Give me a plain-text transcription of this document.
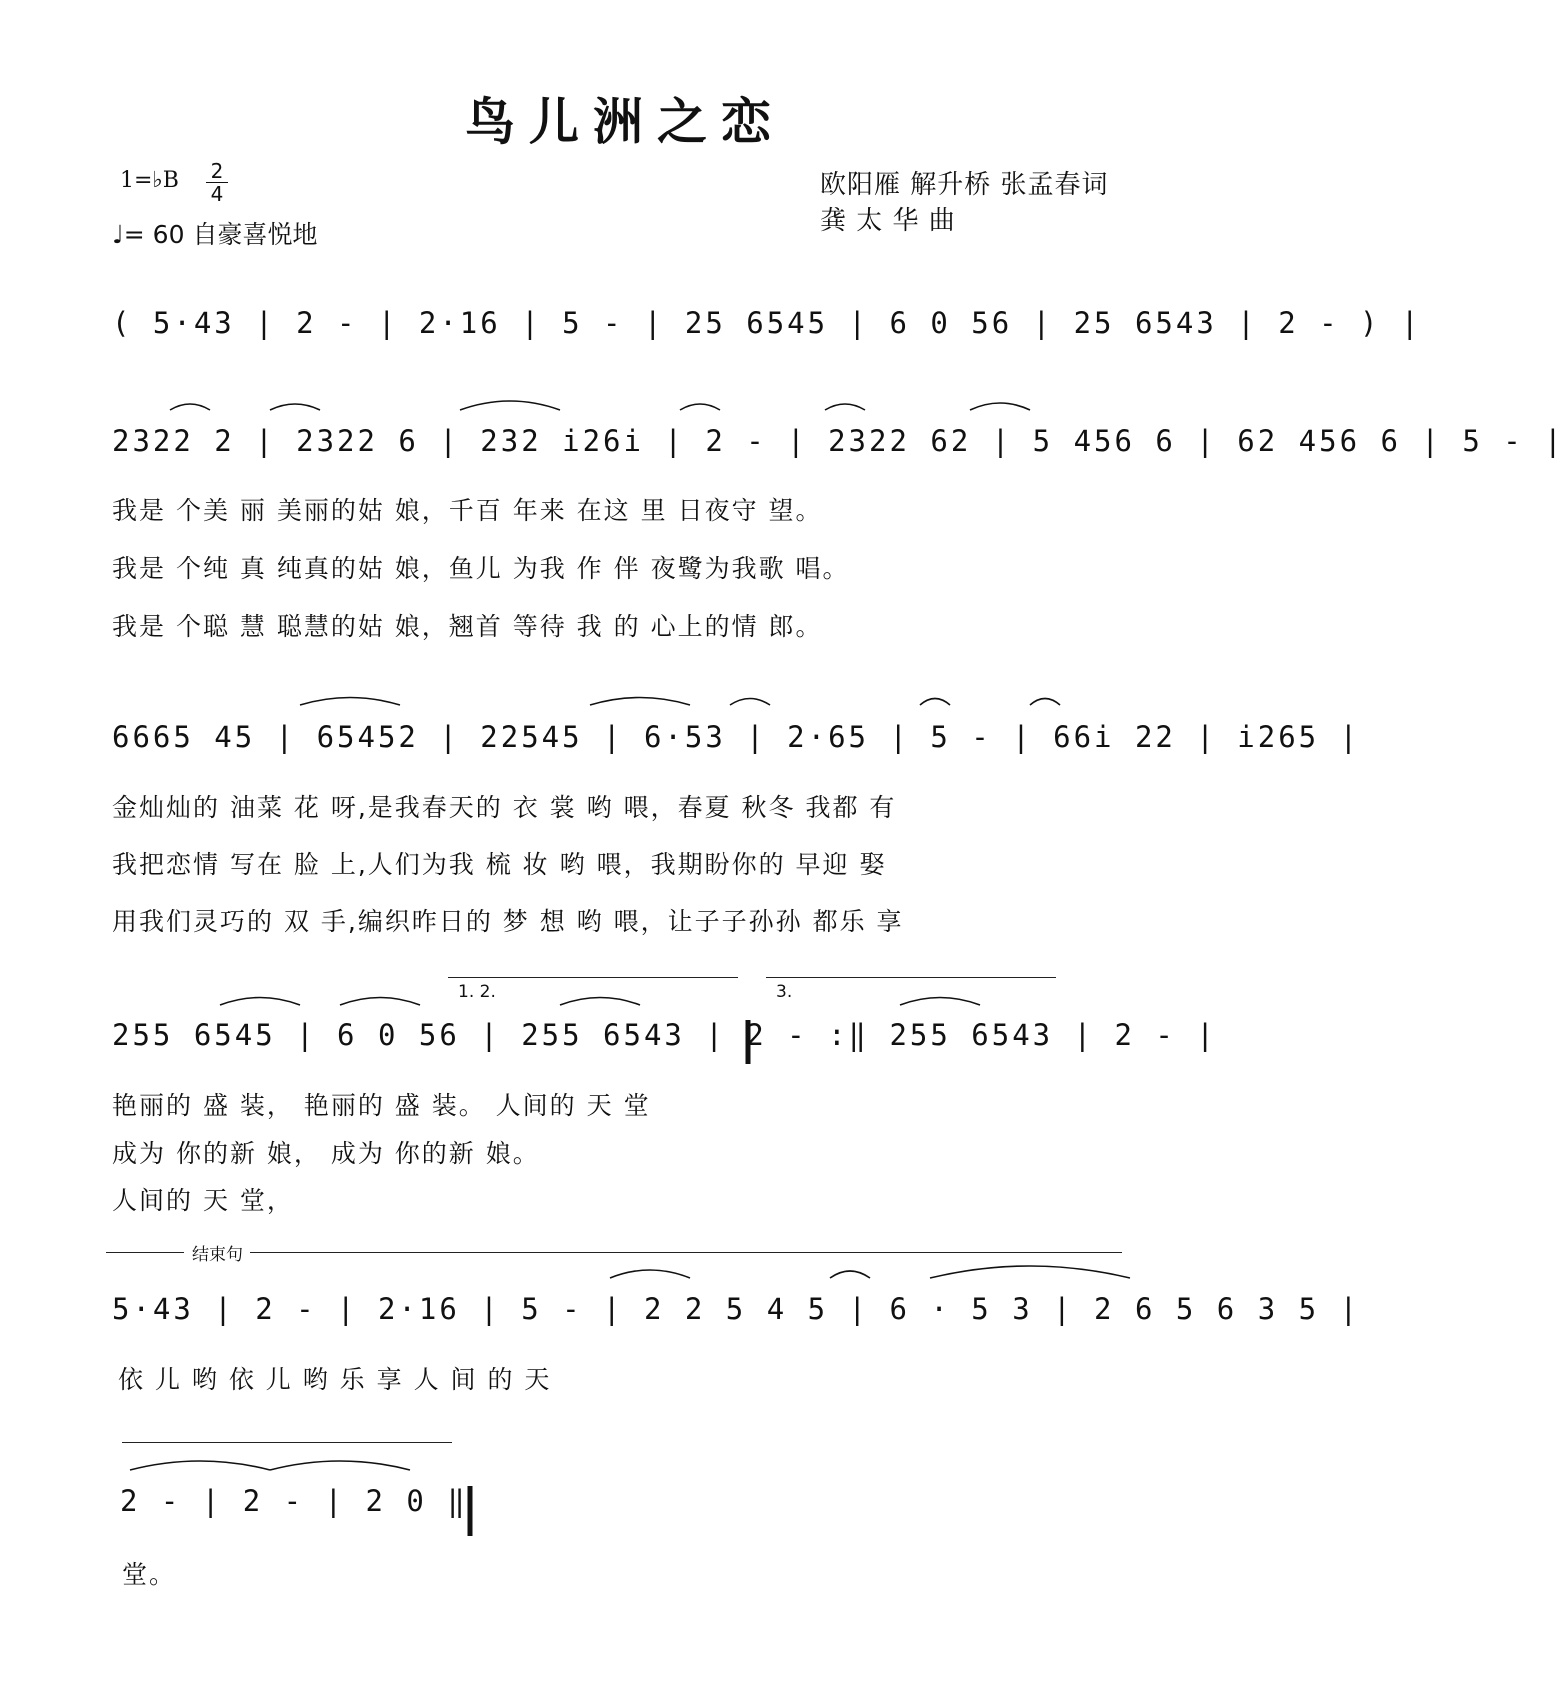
鸟儿洲之恋
1=♭B 2
4
♩= 60 自豪喜悦地
欧阳雁 解升桥 张孟春词
龚 太 华 曲
( 5·43 | 2 - | 2·16 | 5 - | 25 6545 | 6 0 56 | 25 6543 | 2 - ) |
2322 2 | 2322 6 | 232 i26i | 2 - | 2322 62 | 5 456 6 | 62 456 6 | 5 - |
我是 个美 丽 美丽的姑 娘，千百 年来 在这 里 日夜守 望。
我是 个纯 真 纯真的姑 娘，鱼儿 为我 作 伴 夜鹭为我歌 唱。
我是 个聪 慧 聪慧的姑 娘，翘首 等待 我 的 心上的情 郎。
6665 45 | 65452 | 22545 | 6·53 | 2·65 | 5 - | 66i 22 | i265 |
金灿灿的 油菜 花 呀,是我春天的 衣 裳 哟 喂，春夏 秋冬 我都 有
我把恋情 写在 脸 上,人们为我 梳 妆 哟 喂，我期盼你的 早迎 娶
用我们灵巧的 双 手,编织昨日的 梦 想 哟 喂，让子子孙孙 都乐 享
1. 2.	3.
255 6545 | 6 0 56 | 255 6543 | 2 - :‖ 255 6543 | 2 - |
艳丽的 盛 装， 艳丽的 盛 装。 人间的 天 堂
成为 你的新 娘， 成为 你的新 娘。
人间的 天 堂，
结束句
5·43 | 2 - | 2·16 | 5 - | 2 2 5 4 5 | 6 · 5 3 | 2 6 5 6 3 5 |
依 儿 哟 依 儿 哟 乐 享 人 间 的 天
2 - | 2 - | 2 0 ‖
堂。
